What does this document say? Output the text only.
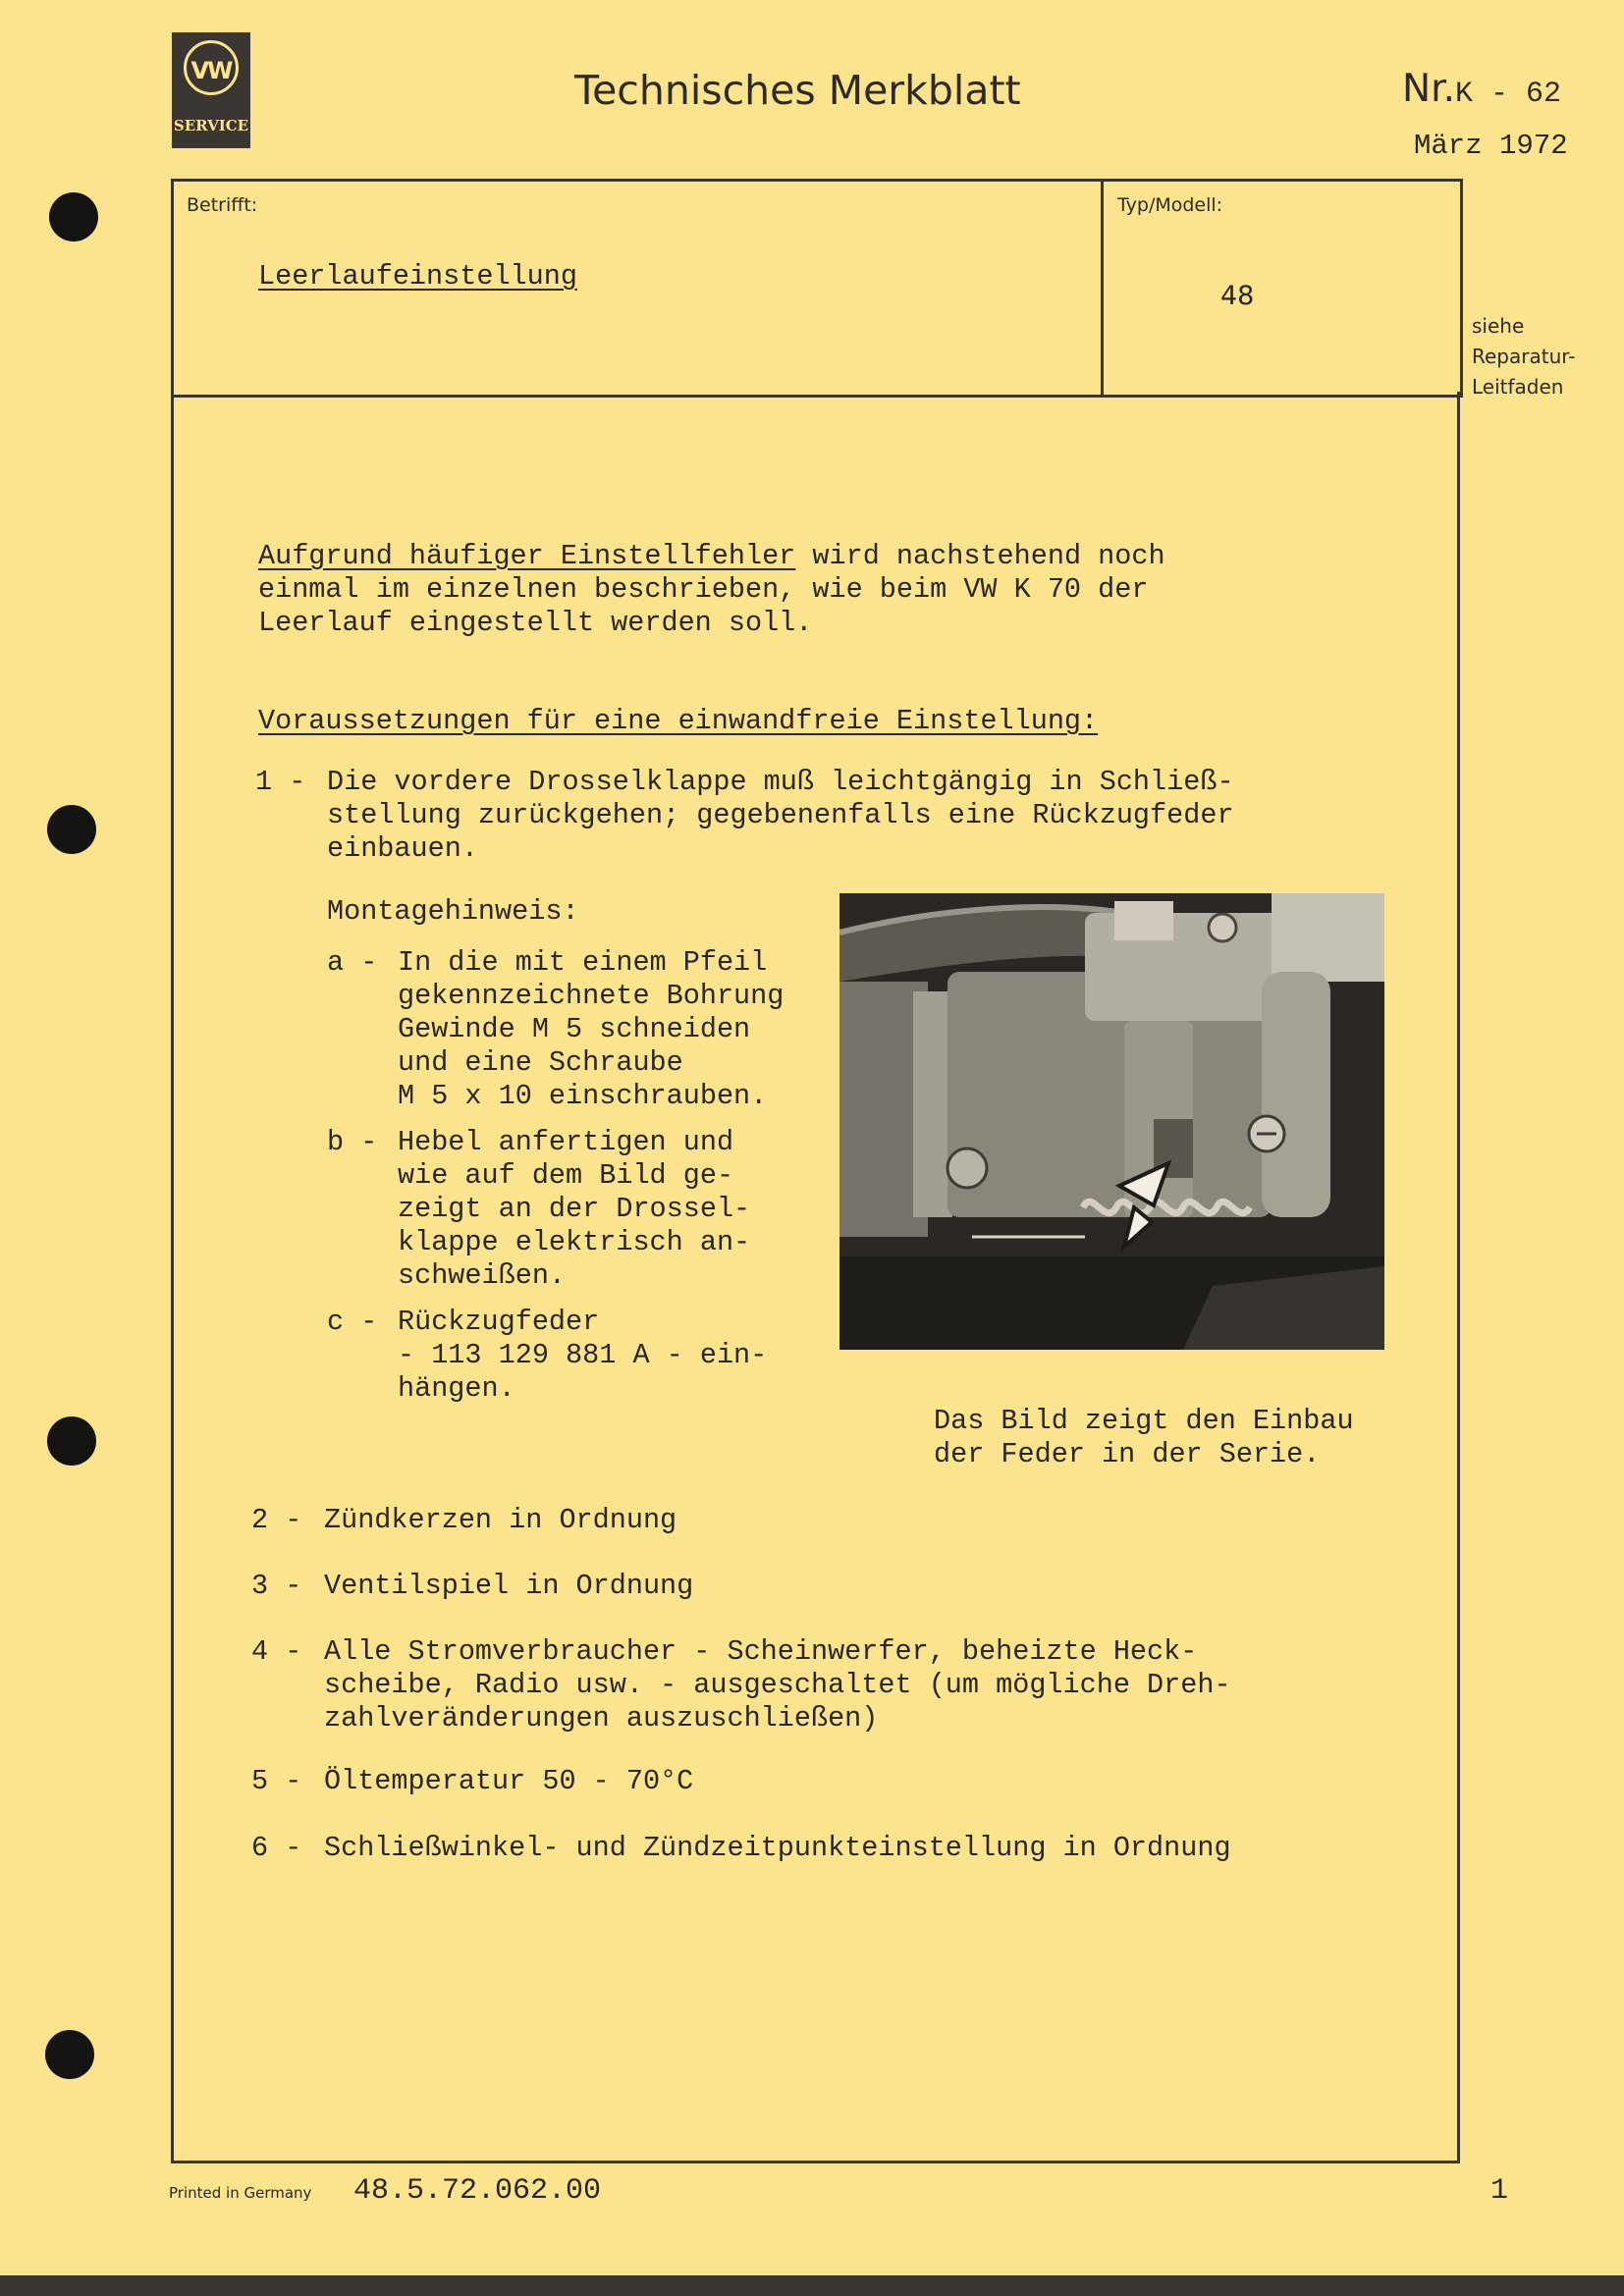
VW
SERVICE
Technisches Merkblatt	Nr.K - 62
März 1972
Betrifft:
Leerlaufeinstellung
Typ/Modell:
48
siehe
Reparatur-
Leitfaden
Aufgrund häufiger Einstellfehler wird nachstehend noch
einmal im einzelnen beschrieben, wie beim VW K 70 der
Leerlauf eingestellt werden soll.
Voraussetzungen für eine einwandfreie Einstellung:
1 - Die vordere Drosselklappe muß leichtgängig in Schließ-
stellung zurückgehen; gegebenenfalls eine Rückzugfeder
einbauen.
Montagehinweis:
a - In die mit einem Pfeil
gekennzeichnete Bohrung
Gewinde M 5 schneiden
und eine Schraube
M 5 x 10 einschrauben.
b - Hebel anfertigen und
wie auf dem Bild ge-
zeigt an der Drossel-
klappe elektrisch an-
schweißen.
c - Rückzugfeder
- 113 129 881 A - ein-
hängen.
Das Bild zeigt den Einbau
der Feder in der Serie.
2 - Zündkerzen in Ordnung
3 - Ventilspiel in Ordnung
4 - Alle Stromverbraucher - Scheinwerfer, beheizte Heck-
scheibe, Radio usw. - ausgeschaltet (um mögliche Dreh-
zahlveränderungen auszuschließen)
5 - Öltemperatur 50 - 70°C
6 - Schließwinkel- und Zündzeitpunkteinstellung in Ordnung
Printed in Germany 48.5.72.062.00	1
